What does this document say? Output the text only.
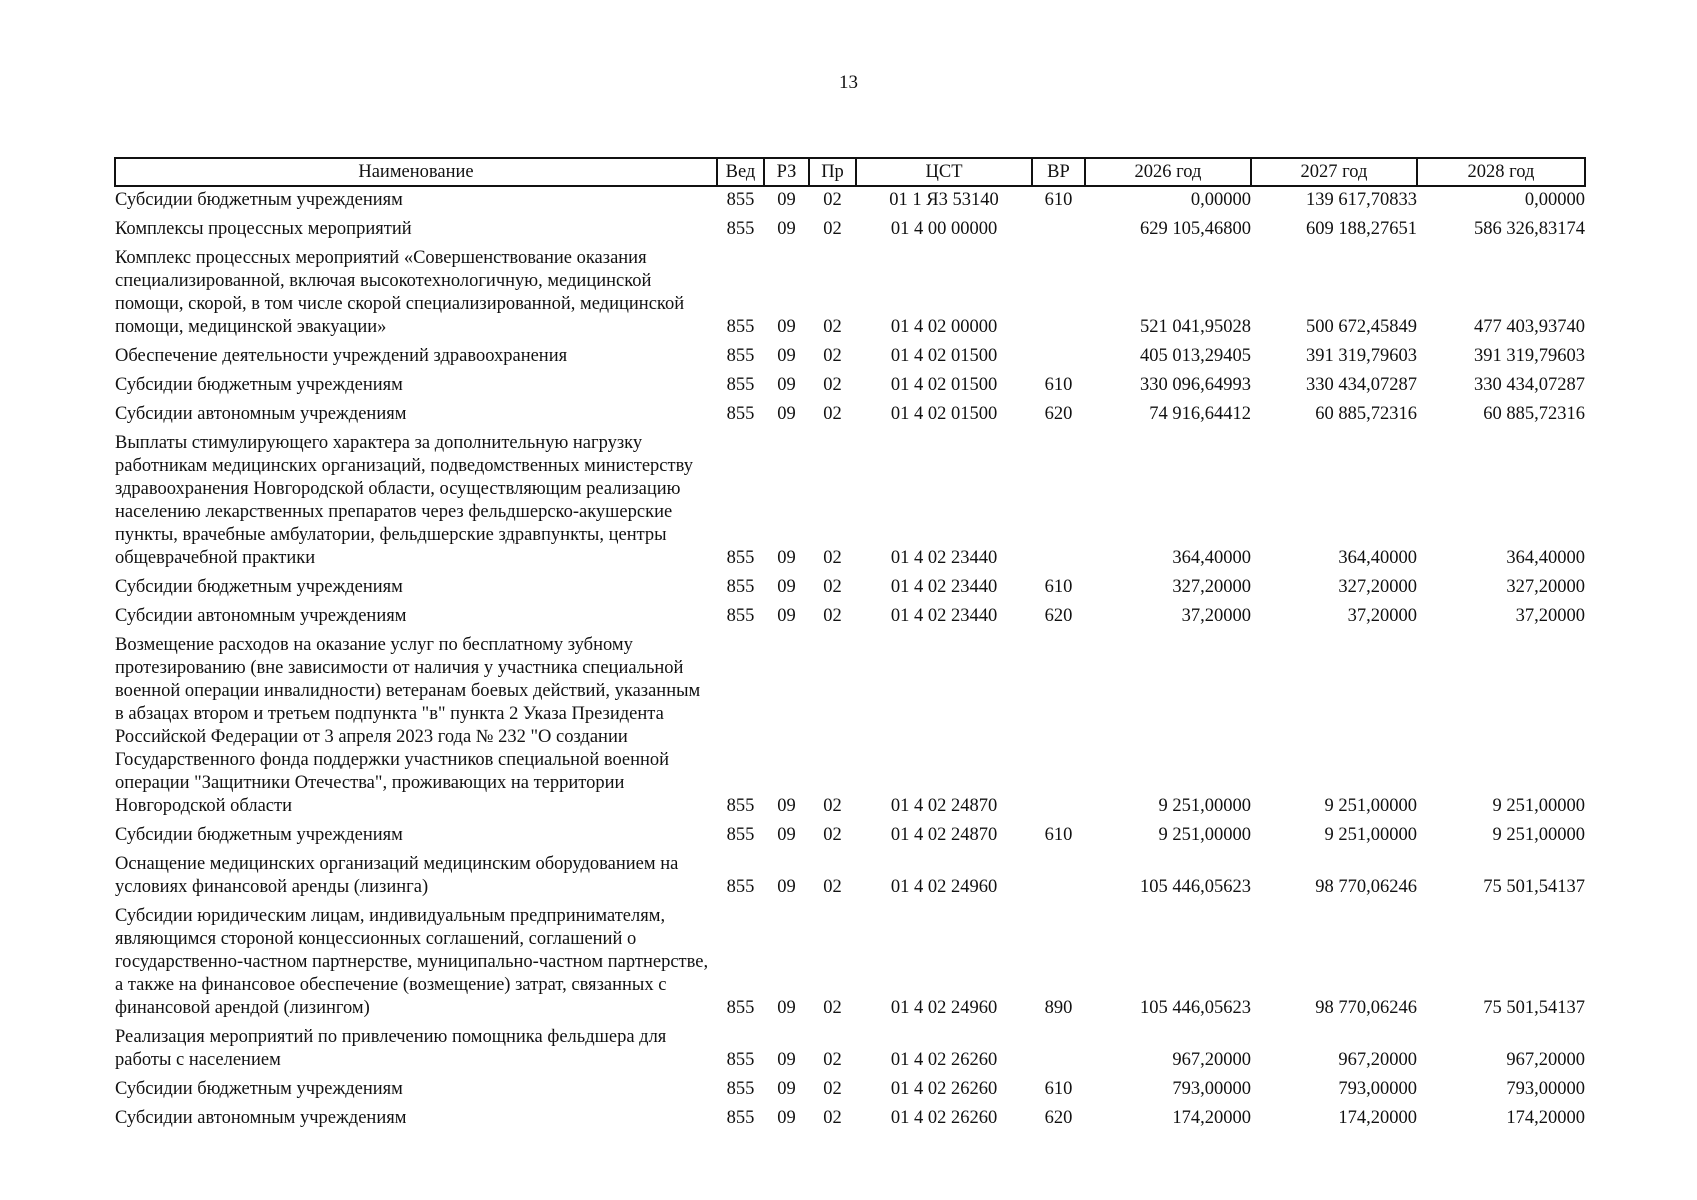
13
Наименование	Вед	РЗ	Пр	ЦСТ	ВР	2026 год	2027 год	2028 год
Субсидии бюджетным учреждениям	855	09	02	01 1 Я3 53140	610	0,00000	139 617,70833	0,00000
Комплексы процессных мероприятий	855	09	02	01 4 00 00000		629 105,46800	609 188,27651	586 326,83174
Комплекс процессных мероприятий «Совершенствование оказания специализированной, включая высокотехнологичную, медицинской помощи, скорой, в том числе скорой специализированной, медицинской помощи, медицинской эвакуации»	855	09	02	01 4 02 00000		521 041,95028	500 672,45849	477 403,93740
Обеспечение деятельности учреждений здравоохранения	855	09	02	01 4 02 01500		405 013,29405	391 319,79603	391 319,79603
Субсидии бюджетным учреждениям	855	09	02	01 4 02 01500	610	330 096,64993	330 434,07287	330 434,07287
Субсидии автономным учреждениям	855	09	02	01 4 02 01500	620	74 916,64412	60 885,72316	60 885,72316
Выплаты стимулирующего характера за дополнительную нагрузку работникам медицинских организаций, подведомственных министерству здравоохранения Новгородской области, осуществляющим реализацию населению лекарственных препаратов через фельдшерско-акушерские пункты, врачебные амбулатории, фельдшерские здравпункты, центры общеврачебной практики	855	09	02	01 4 02 23440		364,40000	364,40000	364,40000
Субсидии бюджетным учреждениям	855	09	02	01 4 02 23440	610	327,20000	327,20000	327,20000
Субсидии автономным учреждениям	855	09	02	01 4 02 23440	620	37,20000	37,20000	37,20000
Возмещение расходов на оказание услуг по бесплатному зубному протезированию (вне зависимости от наличия у участника специальной военной операции инвалидности) ветеранам боевых действий, указанным в абзацах втором и третьем подпункта "в" пункта 2 Указа Президента Российской Федерации от 3 апреля 2023 года № 232 "О создании Государственного фонда поддержки участников специальной военной операции "Защитники Отечества", проживающих на территории Новгородской области	855	09	02	01 4 02 24870		9 251,00000	9 251,00000	9 251,00000
Субсидии бюджетным учреждениям	855	09	02	01 4 02 24870	610	9 251,00000	9 251,00000	9 251,00000
Оснащение медицинских организаций медицинским оборудованием на условиях финансовой аренды (лизинга)	855	09	02	01 4 02 24960		105 446,05623	98 770,06246	75 501,54137
Субсидии юридическим лицам, индивидуальным предпринимателям, являющимся стороной концессионных соглашений, соглашений о государственно-частном партнерстве, муниципально-частном партнерстве, а также на финансовое обеспечение (возмещение) затрат, связанных с финансовой арендой (лизингом)	855	09	02	01 4 02 24960	890	105 446,05623	98 770,06246	75 501,54137
Реализация мероприятий по привлечению помощника фельдшера для работы с населением	855	09	02	01 4 02 26260		967,20000	967,20000	967,20000
Субсидии бюджетным учреждениям	855	09	02	01 4 02 26260	610	793,00000	793,00000	793,00000
Субсидии автономным учреждениям	855	09	02	01 4 02 26260	620	174,20000	174,20000	174,20000
